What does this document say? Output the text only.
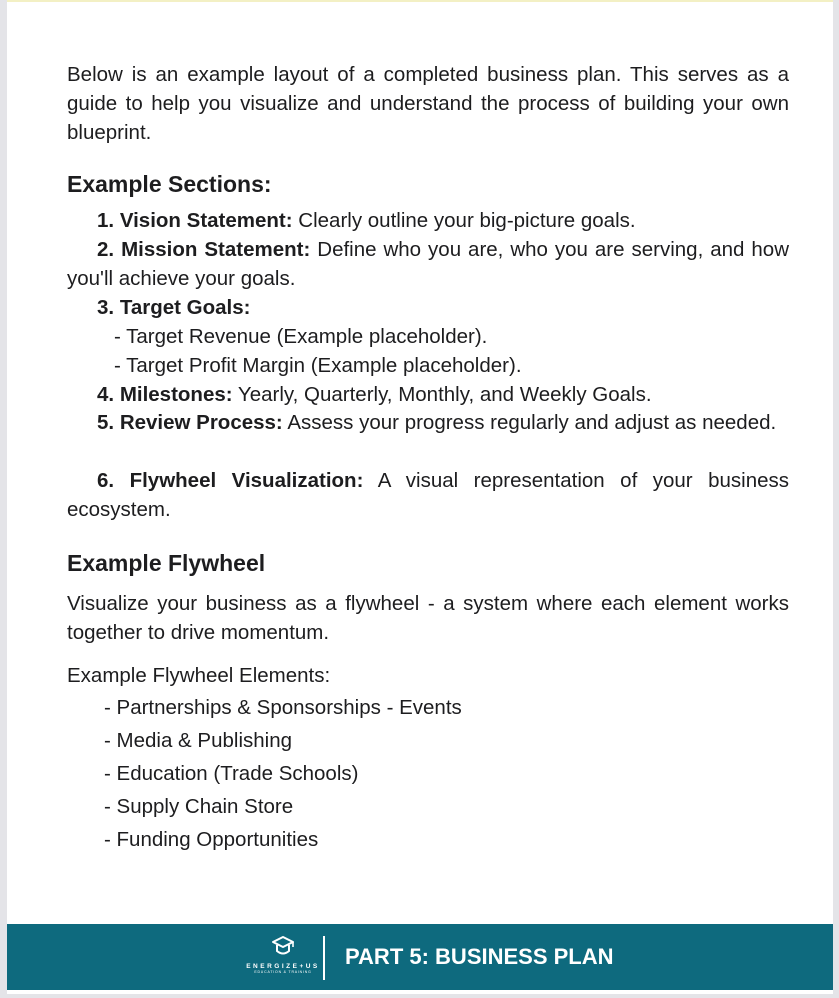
Below is an example layout of a completed business plan. This serves as a guide to help you visualize and understand the process of building your own blueprint.
Example Sections:
1. Vision Statement: Clearly outline your big-picture goals.
2. Mission Statement: Define who you are, who you are serving, and how you'll achieve your goals.
3. Target Goals:
- Target Revenue (Example placeholder).
- Target Profit Margin (Example placeholder).
4. Milestones: Yearly, Quarterly, Monthly, and Weekly Goals.
5. Review Process: Assess your progress regularly and adjust as needed.
6. Flywheel Visualization: A visual representation of your business ecosystem.
Example Flywheel
Visualize your business as a flywheel - a system where each element works together to drive momentum.
Example Flywheel Elements:
- Partnerships & Sponsorships - Events
- Media & Publishing
- Education (Trade Schools)
- Supply Chain Store
- Funding Opportunities
ENERGIZE+US
EDUCATION & TRAINING
PART 5: BUSINESS PLAN
